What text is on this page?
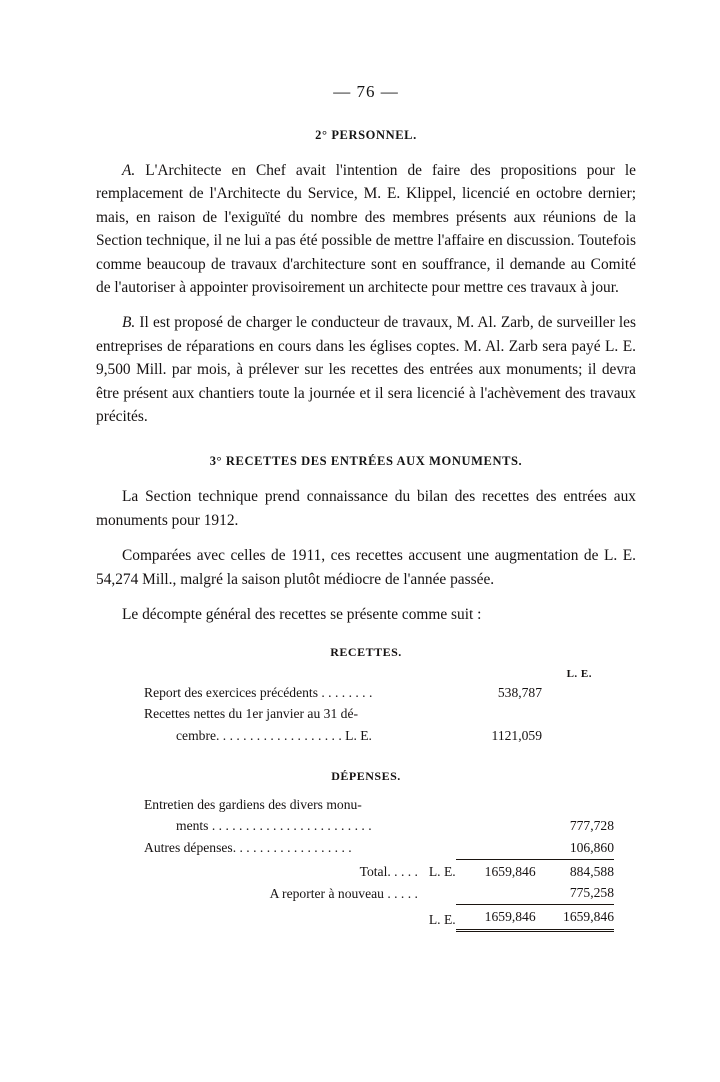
— 76 —
2° PERSONNEL.

A. L'Architecte en Chef avait l'intention de faire des propositions pour le remplacement de l'Architecte du Service, M. E. Klippel, licencié en octobre dernier; mais, en raison de l'exiguïté du nombre des membres présents aux réunions de la Section technique, il ne lui a pas été possible de mettre l'affaire en discussion. Toutefois comme beaucoup de travaux d'architecture sont en souffrance, il demande au Comité de l'autoriser à appointer provisoirement un architecte pour mettre ces travaux à jour.

B. Il est proposé de charger le conducteur de travaux, M. Al. Zarb, de surveiller les entreprises de réparations en cours dans les églises coptes. M. Al. Zarb sera payé L. E. 9,500 Mill. par mois, à prélever sur les recettes des entrées aux monuments; il devra être présent aux chantiers toute la journée et il sera licencié à l'achèvement des travaux précités.

3° RECETTES DES ENTRÉES AUX MONUMENTS.

La Section technique prend connaissance du bilan des recettes des entrées aux monuments pour 1912.

Comparées avec celles de 1911, ces recettes accusent une augmentation de L. E. 54,274 Mill., malgré la saison plutôt médiocre de l'année passée.

Le décompte général des recettes se présente comme suit :

RECETTES.
L. E.
Report des exercices précédents . . . . . . . .	538,787	
Recettes nettes du 1er janvier au 31 dé-		
cembre. . . . . . . . . . . . . . . . . . . L. E.	1121,059	
DÉPENSES.
Entretien des gardiens des divers monu-		
ments . . . . . . . . . . . . . . . . . . . . . . . .		777,728
Autres dépenses. . . . . . . . . . . . . . . . . .		106,860
Total. . . . .	L. E.	1659,846	884,588
A reporter à nouveau . . . . .			775,258
	L. E.	1659,846	1659,846
